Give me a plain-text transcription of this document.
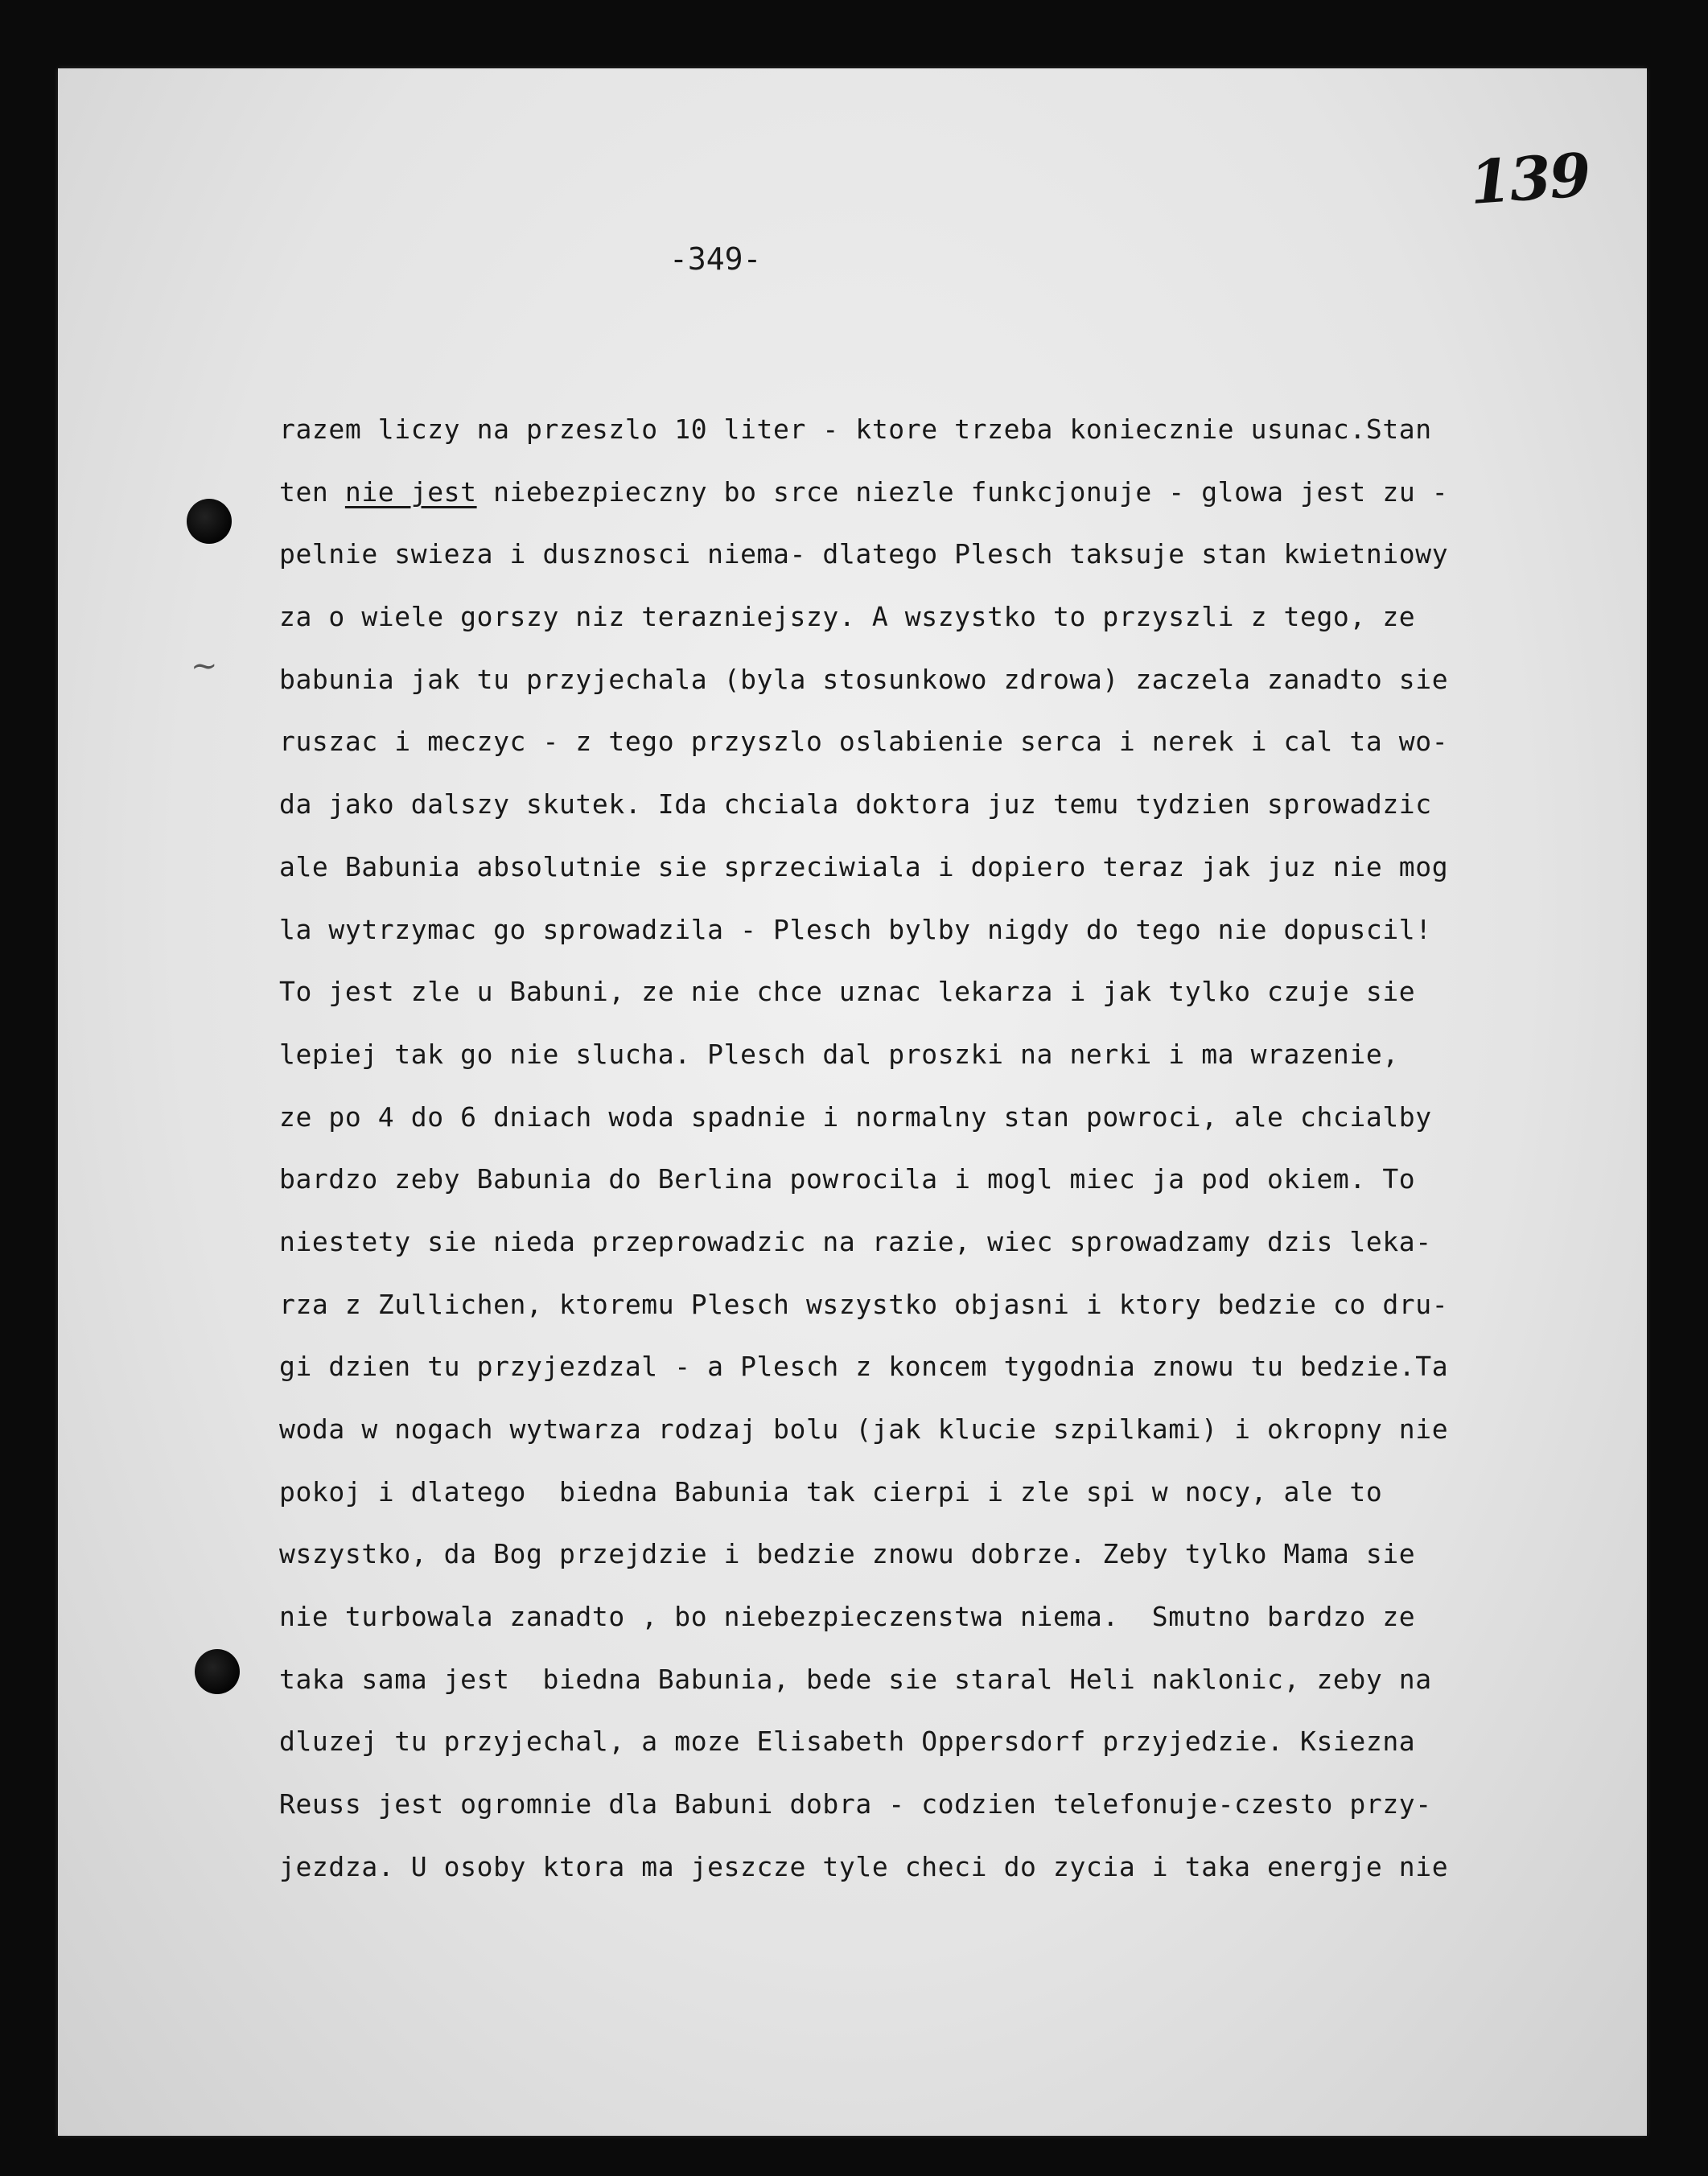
139
-349-
~
razem liczy na przeszlo 10 liter - ktore trzeba koniecznie usunac.Stan
ten nie jest niebezpieczny bo srce niezle funkcjonuje - glowa jest zu -
pelnie swieza i dusznosci niema- dlatego Plesch taksuje stan kwietniowy
za o wiele gorszy niz terazniejszy. A wszystko to przyszli z tego, ze
babunia jak tu przyjechala (byla stosunkowo zdrowa) zaczela zanadto sie
ruszac i meczyc - z tego przyszlo oslabienie serca i nerek i cal ta wo-
da jako dalszy skutek. Ida chciala doktora juz temu tydzien sprowadzic
ale Babunia absolutnie sie sprzeciwiala i dopiero teraz jak juz nie mog
la wytrzymac go sprowadzila - Plesch bylby nigdy do tego nie dopuscil!
To jest zle u Babuni, ze nie chce uznac lekarza i jak tylko czuje sie
lepiej tak go nie slucha. Plesch dal proszki na nerki i ma wrazenie,
ze po 4 do 6 dniach woda spadnie i normalny stan powroci, ale chcialby
bardzo zeby Babunia do Berlina powrocila i mogl miec ja pod okiem. To
niestety sie nieda przeprowadzic na razie, wiec sprowadzamy dzis leka-
rza z Zullichen, ktoremu Plesch wszystko objasni i ktory bedzie co dru-
gi dzien tu przyjezdzal - a Plesch z koncem tygodnia znowu tu bedzie.Ta
woda w nogach wytwarza rodzaj bolu (jak klucie szpilkami) i okropny nie
pokoj i dlatego  biedna Babunia tak cierpi i zle spi w nocy, ale to
wszystko, da Bog przejdzie i bedzie znowu dobrze. Zeby tylko Mama sie
nie turbowala zanadto , bo niebezpieczenstwa niema.  Smutno bardzo ze
taka sama jest  biedna Babunia, bede sie staral Heli naklonic, zeby na
dluzej tu przyjechal, a moze Elisabeth Oppersdorf przyjedzie. Ksiezna
Reuss jest ogromnie dla Babuni dobra - codzien telefonuje-czesto przy-
jezdza. U osoby ktora ma jeszcze tyle checi do zycia i taka energje nie
